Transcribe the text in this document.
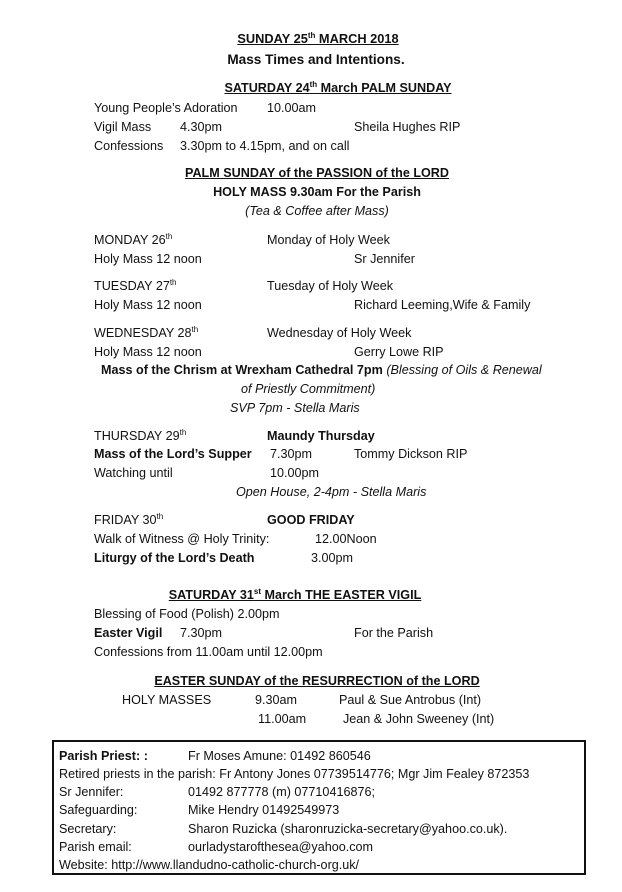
SUNDAY 25th MARCH 2018
Mass Times and Intentions.
SATURDAY 24th March PALM SUNDAY
Young People’s Adoration 10.00am
Vigil Mass 4.30pm	Sheila Hughes RIP
Confessions 3.30pm to 4.15pm, and on call
PALM SUNDAY of the PASSION of the LORD
HOLY MASS 9.30am For the Parish
(Tea & Coffee after Mass)
MONDAY 26th	Monday of Holy Week
Holy Mass 12 noon	Sr Jennifer
TUESDAY 27th	Tuesday of Holy Week
Holy Mass 12 noon	Richard Leeming,Wife & Family
WEDNESDAY 28th	Wednesday of Holy Week
Holy Mass 12 noon	Gerry Lowe RIP
Mass of the Chrism at Wrexham Cathedral 7pm (Blessing of Oils & Renewal
of Priestly Commitment)
SVP 7pm - Stella Maris
THURSDAY 29th	Maundy Thursday
Mass of the Lord’s Supper 7.30pm	Tommy Dickson RIP
Watching until	10.00pm
Open House, 2-4pm - Stella Maris
FRIDAY 30th	GOOD FRIDAY
Walk of Witness @ Holy Trinity:	12.00Noon
Liturgy of the Lord’s Death	3.00pm
SATURDAY 31st March THE EASTER VIGIL
Blessing of Food (Polish) 2.00pm
Easter Vigil 7.30pm	For the Parish
Confessions from 11.00am until 12.00pm
EASTER SUNDAY of the RESURRECTION of the LORD
HOLY MASSES	9.30am	Paul & Sue Antrobus (Int)
11.00am	Jean & John Sweeney (Int)
Parish Priest: :	Fr Moses Amune: 01492 860546
Retired priests in the parish: Fr Antony Jones 07739514776; Mgr Jim Fealey 872353
Sr Jennifer:	01492 877778 (m) 07710416876;
Safeguarding:	Mike Hendry 01492549973
Secretary:	Sharon Ruzicka (sharonruzicka-secretary@yahoo.co.uk).
Parish email:	ourladystaroftheseа@yahoo.com
Website: http://www.llandudno-catholic-church-org.uk/
